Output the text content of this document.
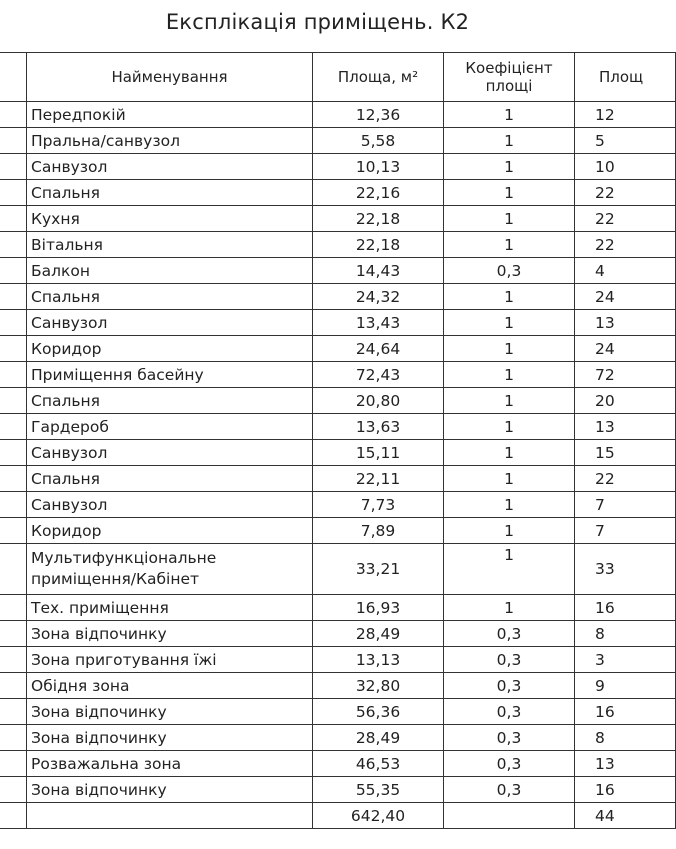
Експлікація приміщень. К2
	Найменування	Площа, м²	Коефіцієнт площі	Площ
	Передпокій	12,36	1	12
	Пральна/санвузол	5,58	1	5
	Санвузол	10,13	1	10
	Спальня	22,16	1	22
	Кухня	22,18	1	22
	Вітальня	22,18	1	22
	Балкон	14,43	0,3	4
	Спальня	24,32	1	24
	Санвузол	13,43	1	13
	Коридор	24,64	1	24
	Приміщення басейну	72,43	1	72
	Спальня	20,80	1	20
	Гардероб	13,63	1	13
	Санвузол	15,11	1	15
	Спальня	22,11	1	22
	Санвузол	7,73	1	7
	Коридор	7,89	1	7
	Мультифункціональне приміщення/Кабінет	33,21	1	33
	Тех. приміщення	16,93	1	16
	Зона відпочинку	28,49	0,3	8
	Зона приготування їжі	13,13	0,3	3
	Обідня зона	32,80	0,3	9
	Зона відпочинку	56,36	0,3	16
	Зона відпочинку	28,49	0,3	8
	Розважальна зона	46,53	0,3	13
	Зона відпочинку	55,35	0,3	16
		642,40		44
